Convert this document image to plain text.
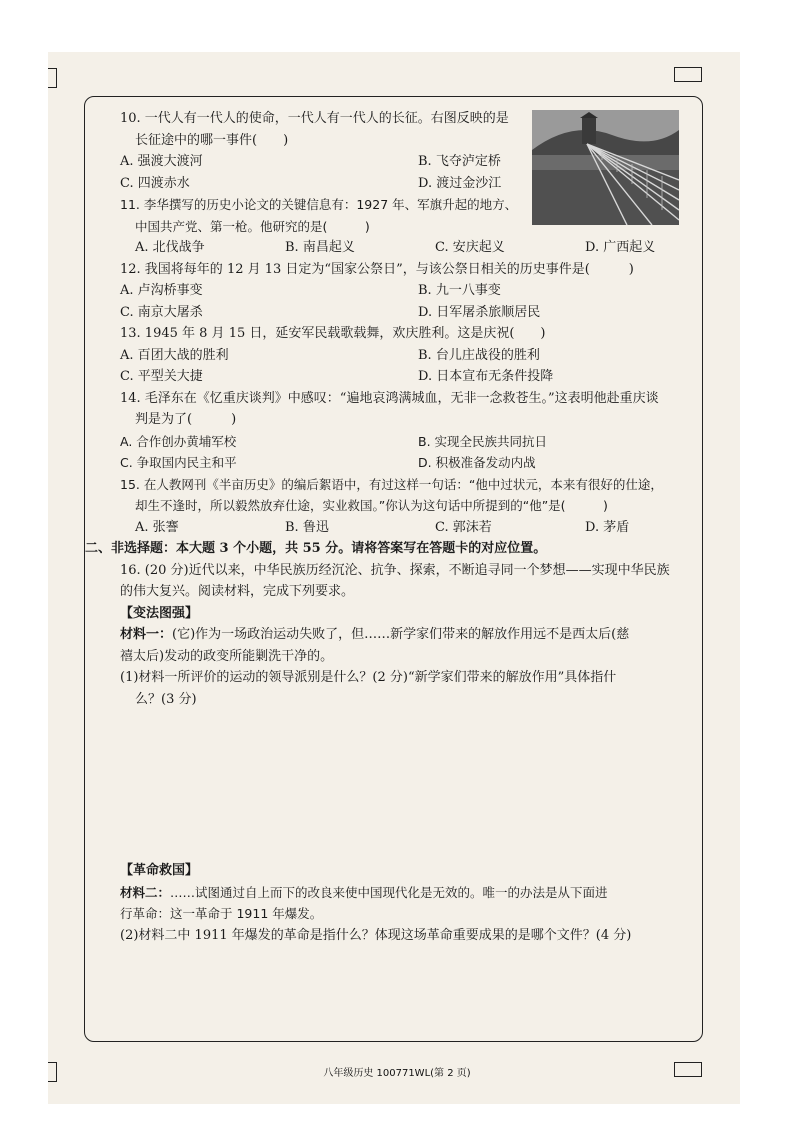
10. 一代人有一代人的使命，一代人有一代人的长征。右图反映的是

长征途中的哪一事件(　　)

A. 强渡大渡河	B. 飞夺泸定桥
C. 四渡赤水	D. 渡过金沙江

11. 李华撰写的历史小论文的关键信息有：1927 年、军旗升起的地方、

中国共产党、第一枪。他研究的是(　　　)

A. 北伐战争	B. 南昌起义	C. 安庆起义	D. 广西起义

12. 我国将每年的 12 月 13 日定为“国家公祭日”，与该公祭日相关的历史事件是(　　　)

A. 卢沟桥事变	B. 九一八事变
C. 南京大屠杀	D. 日军屠杀旅顺居民

13. 1945 年 8 月 15 日，延安军民载歌载舞，欢庆胜利。这是庆祝(　　)

A. 百团大战的胜利	B. 台儿庄战役的胜利
C. 平型关大捷	D. 日本宣布无条件投降

14. 毛泽东在《忆重庆谈判》中感叹：“遍地哀鸿满城血，无非一念救苍生。”这表明他赴重庆谈

判是为了(　　　)

A. 合作创办黄埔军校	B. 实现全民族共同抗日
C. 争取国内民主和平	D. 积极准备发动内战

15. 在人教网刊《半亩历史》的编后絮语中，有过这样一句话：“他中过状元，本来有很好的仕途，

却生不逢时，所以毅然放弃仕途，实业救国。”你认为这句话中所提到的“他”是(　　　)

A. 张謇	B. 鲁迅	C. 郭沫若	D. 茅盾

二、非选择题：本大题 3 个小题，共 55 分。请将答案写在答题卡的对应位置。

16. (20 分)近代以来，中华民族历经沉沦、抗争、探索，不断追寻同一个梦想——实现中华民族

的伟大复兴。阅读材料，完成下列要求。

【变法图强】

材料一：(它)作为一场政治运动失败了，但……新学家们带来的解放作用远不是西太后(慈

禧太后)发动的政变所能剿洗干净的。

(1)材料一所评价的运动的领导派别是什么？(2 分)“新学家们带来的解放作用”具体指什

么？(3 分)

【革命救国】

材料二：……试图通过自上而下的改良来使中国现代化是无效的。唯一的办法是从下面进

行革命：这一革命于 1911 年爆发。

(2)材料二中 1911 年爆发的革命是指什么？体现这场革命重要成果的是哪个文件？(4 分)

八年级历史 100771WL(第 2 页)
